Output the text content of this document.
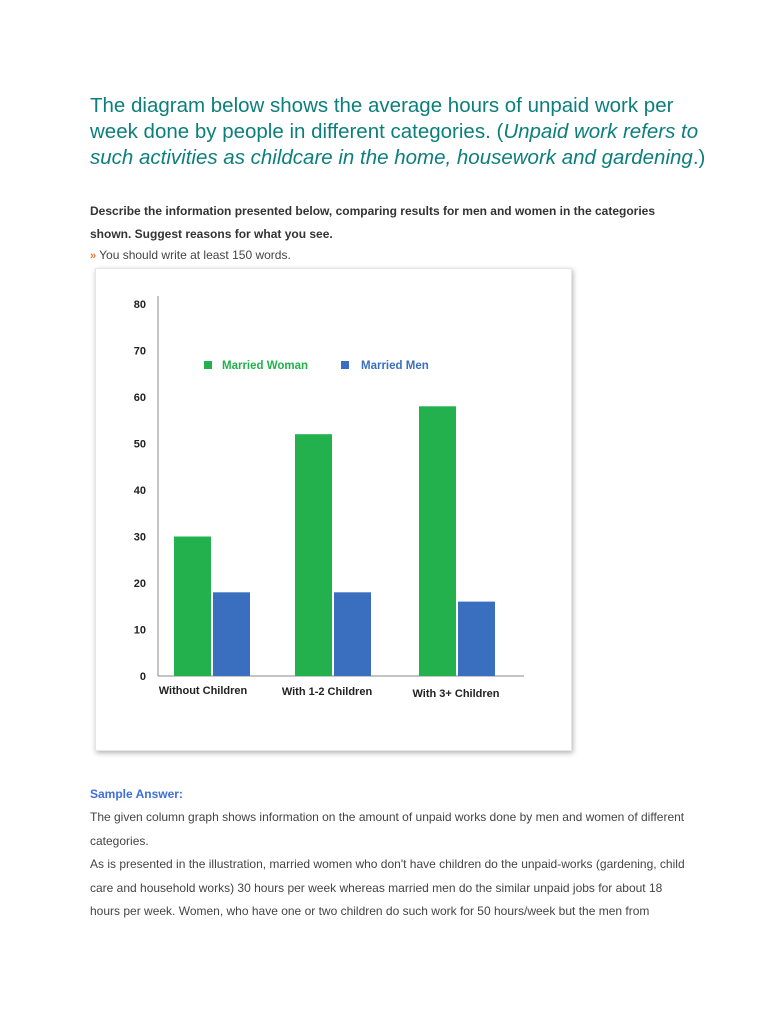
The diagram below shows the average hours of unpaid work per week done by people in different categories. (Unpaid work refers to such activities as childcare in the home, housework and gardening.)

Describe the information presented below, comparing results for men and women in the categories shown. Suggest reasons for what you see.

» You should write at least 150 words.
0
10
20
30
40
50
60
70
80
Without Children	With 1-2 Children	With 3+ Children
Married Woman	Married Men
Sample Answer:

The given column graph shows information on the amount of unpaid works done by men and women of different categories.

As is presented in the illustration, married women who don't have children do the unpaid-works (gardening, child care and household works) 30 hours per week whereas married men do the similar unpaid jobs for about 18 hours per week. Women, who have one or two children do such work for 50 hours/week but the men from
